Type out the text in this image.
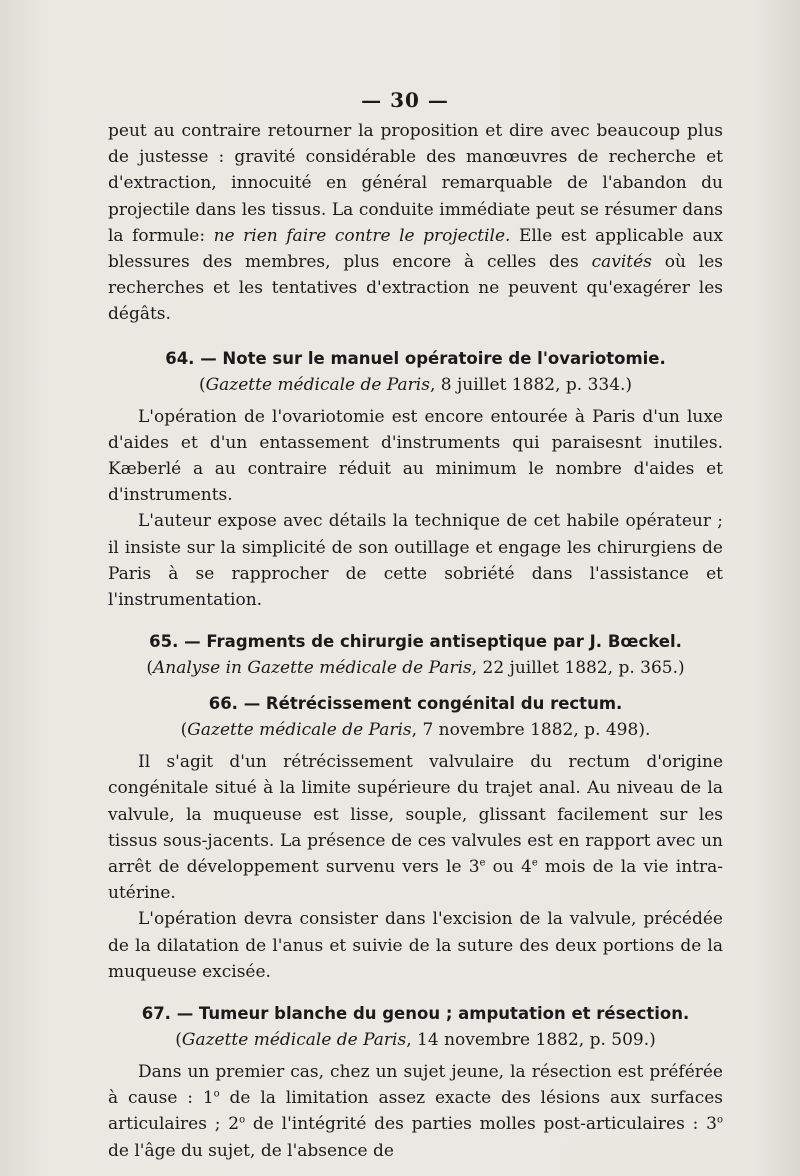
— 30 —

peut au contraire retourner la proposition et dire avec beaucoup plus de justesse : gravité considérable des manœuvres de recherche et d'extraction, innocuité en général remarquable de l'abandon du projectile dans les tissus. La conduite immédiate peut se résumer dans la formule: ne rien faire contre le projectile. Elle est applicable aux blessures des membres, plus encore à celles des cavités où les recherches et les tentatives d'extraction ne peuvent qu'exagérer les dégâts.

64. — Note sur le manuel opératoire de l'ovariotomie.

(Gazette médicale de Paris, 8 juillet 1882, p. 334.)

L'opération de l'ovariotomie est encore entourée à Paris d'un luxe d'aides et d'un entassement d'instruments qui paraisesnt inutiles. Kæberlé a au contraire réduit au minimum le nombre d'aides et d'instruments.

L'auteur expose avec détails la technique de cet habile opérateur ; il insiste sur la simplicité de son outillage et engage les chirurgiens de Paris à se rapprocher de cette sobriété dans l'assistance et l'instrumentation.

65. — Fragments de chirurgie antiseptique par J. Bœckel.

(Analyse in Gazette médicale de Paris, 22 juillet 1882, p. 365.)

66. — Rétrécissement congénital du rectum.

(Gazette médicale de Paris, 7 novembre 1882, p. 498).

Il s'agit d'un rétrécissement valvulaire du rectum d'origine congénitale situé à la limite supérieure du trajet anal. Au niveau de la valvule, la muqueuse est lisse, souple, glissant facilement sur les tissus sous-jacents. La présence de ces valvules est en rapport avec un arrêt de développement survenu vers le 3e ou 4e mois de la vie intra-utérine.

L'opération devra consister dans l'excision de la valvule, précédée de la dilatation de l'anus et suivie de la suture des deux portions de la muqueuse excisée.

67. — Tumeur blanche du genou ; amputation et résection.

(Gazette médicale de Paris, 14 novembre 1882, p. 509.)

Dans un premier cas, chez un sujet jeune, la résection est préférée à cause : 1$^o$ de la limitation assez exacte des lésions aux surfaces articulaires ; 2$^o$ de l'intégrité des parties molles post-articulaires : 3$^o$ de l'âge du sujet, de l'absence de
